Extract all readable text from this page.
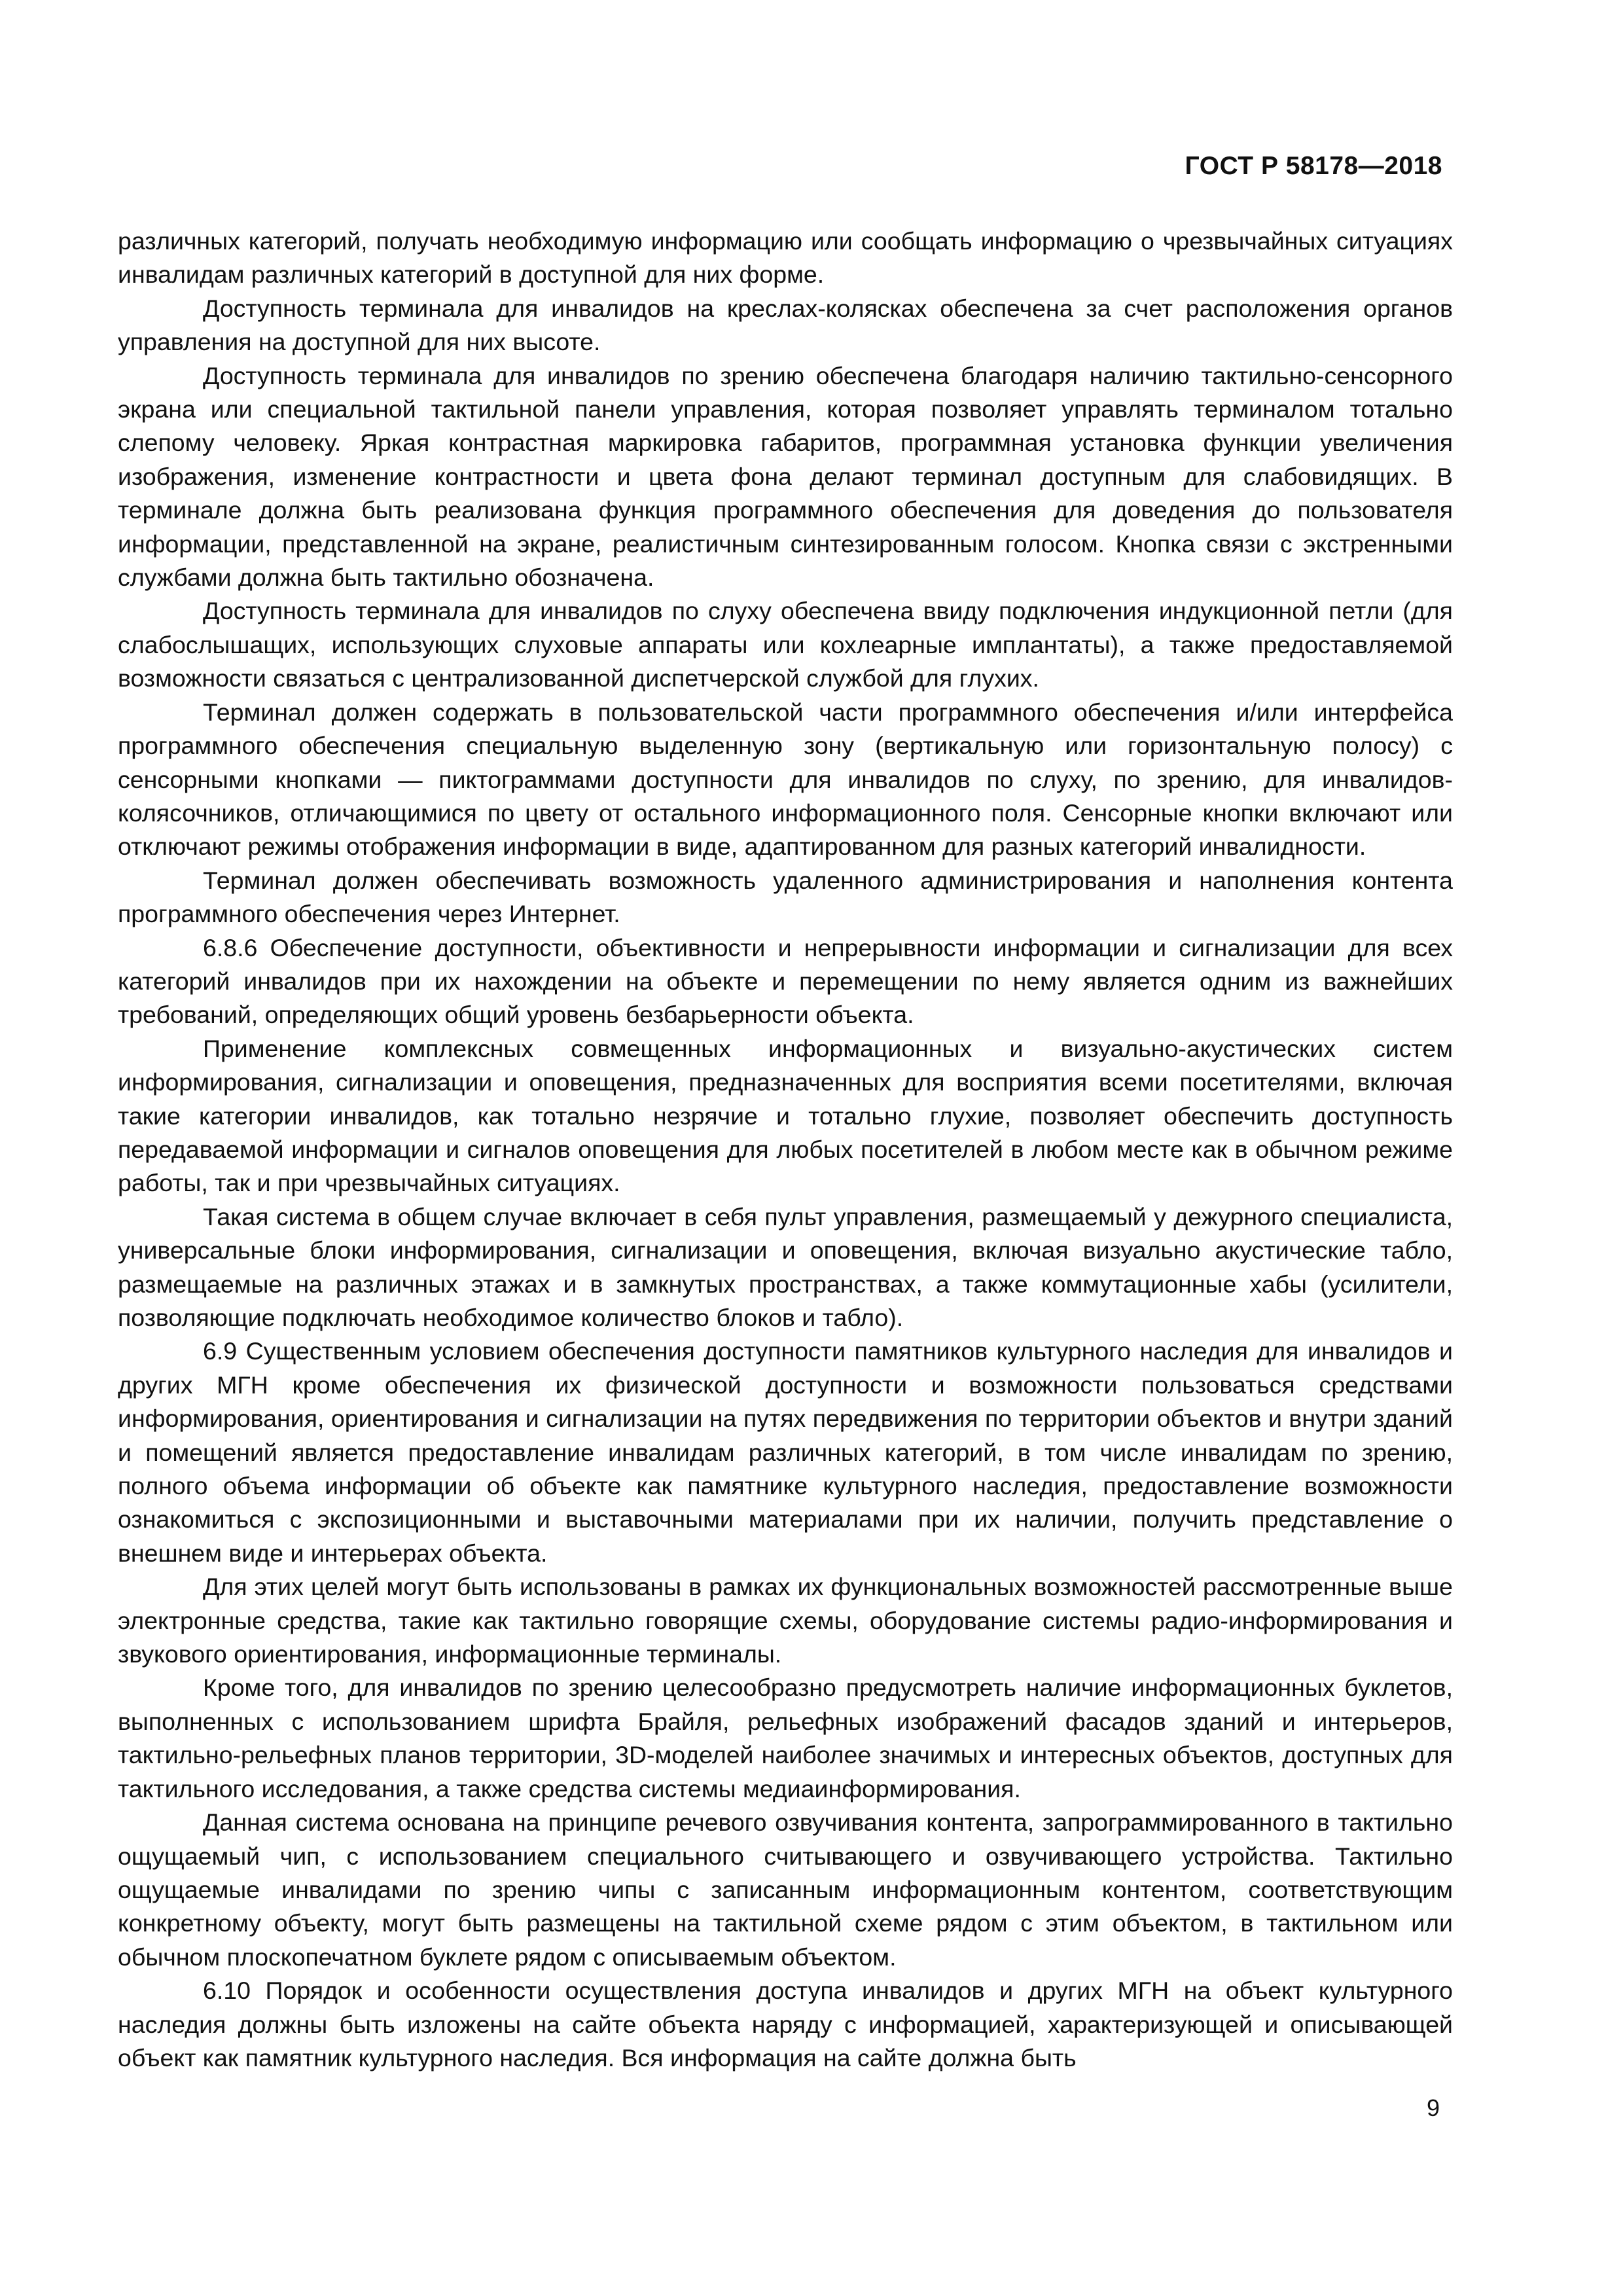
ГОСТ Р 58178—2018

различных категорий, получать необходимую информацию или сообщать информацию о чрезвычайных ситуациях инвалидам различных категорий в доступной для них форме.

Доступность терминала для инвалидов на креслах-колясках обеспечена за счет расположения органов управления на доступной для них высоте.

Доступность терминала для инвалидов по зрению обеспечена благодаря наличию тактильно-сенсорного экрана или специальной тактильной панели управления, которая позволяет управлять терминалом тотально слепому человеку. Яркая контрастная маркировка габаритов, программная установка функции увеличения изображения, изменение контрастности и цвета фона делают терминал доступным для слабовидящих. В терминале должна быть реализована функция программного обеспечения для доведения до пользователя информации, представленной на экране, реалистичным синтезированным голосом. Кнопка связи с экстренными службами должна быть тактильно обозначена.

Доступность терминала для инвалидов по слуху обеспечена ввиду подключения индукционной петли (для слабослышащих, использующих слуховые аппараты или кохлеарные имплантаты), а также предоставляемой возможности связаться с централизованной диспетчерской службой для глухих.

Терминал должен содержать в пользовательской части программного обеспечения и/или интерфейса программного обеспечения специальную выделенную зону (вертикальную или горизонтальную полосу) с сенсорными кнопками — пиктограммами доступности для инвалидов по слуху, по зрению, для инвалидов-колясочников, отличающимися по цвету от остального информационного поля. Сенсорные кнопки включают или отключают режимы отображения информации в виде, адаптированном для разных категорий инвалидности.

Терминал должен обеспечивать возможность удаленного администрирования и наполнения контента программного обеспечения через Интернет.

6.8.6 Обеспечение доступности, объективности и непрерывности информации и сигнализации для всех категорий инвалидов при их нахождении на объекте и перемещении по нему является одним из важнейших требований, определяющих общий уровень безбарьерности объекта.

Применение комплексных совмещенных информационных и визуально-акустических систем информирования, сигнализации и оповещения, предназначенных для восприятия всеми посетителями, включая такие категории инвалидов, как тотально незрячие и тотально глухие, позволяет обеспечить доступность передаваемой информации и сигналов оповещения для любых посетителей в любом месте как в обычном режиме работы, так и при чрезвычайных ситуациях.

Такая система в общем случае включает в себя пульт управления, размещаемый у дежурного специалиста, универсальные блоки информирования, сигнализации и оповещения, включая визуально акустические табло, размещаемые на различных этажах и в замкнутых пространствах, а также коммутационные хабы (усилители, позволяющие подключать необходимое количество блоков и табло).

6.9 Существенным условием обеспечения доступности памятников культурного наследия для инвалидов и других МГН кроме обеспечения их физической доступности и возможности пользоваться средствами информирования, ориентирования и сигнализации на путях передвижения по территории объектов и внутри зданий и помещений является предоставление инвалидам различных категорий, в том числе инвалидам по зрению, полного объема информации об объекте как памятнике культурного наследия, предоставление возможности ознакомиться с экспозиционными и выставочными материалами при их наличии, получить представление о внешнем виде и интерьерах объекта.

Для этих целей могут быть использованы в рамках их функциональных возможностей рассмотренные выше электронные средства, такие как тактильно говорящие схемы, оборудование системы радио-информирования и звукового ориентирования, информационные терминалы.

Кроме того, для инвалидов по зрению целесообразно предусмотреть наличие информационных буклетов, выполненных с использованием шрифта Брайля, рельефных изображений фасадов зданий и интерьеров, тактильно-рельефных планов территории, 3D-моделей наиболее значимых и интересных объектов, доступных для тактильного исследования, а также средства системы медиаинформирования.

Данная система основана на принципе речевого озвучивания контента, запрограммированного в тактильно ощущаемый чип, с использованием специального считывающего и озвучивающего устройства. Тактильно ощущаемые инвалидами по зрению чипы с записанным информационным контентом, соответствующим конкретному объекту, могут быть размещены на тактильной схеме рядом с этим объектом, в тактильном или обычном плоскопечатном буклете рядом с описываемым объектом.

6.10 Порядок и особенности осуществления доступа инвалидов и других МГН на объект культурного наследия должны быть изложены на сайте объекта наряду с информацией, характеризующей и описывающей объект как памятник культурного наследия. Вся информация на сайте должна быть

9
